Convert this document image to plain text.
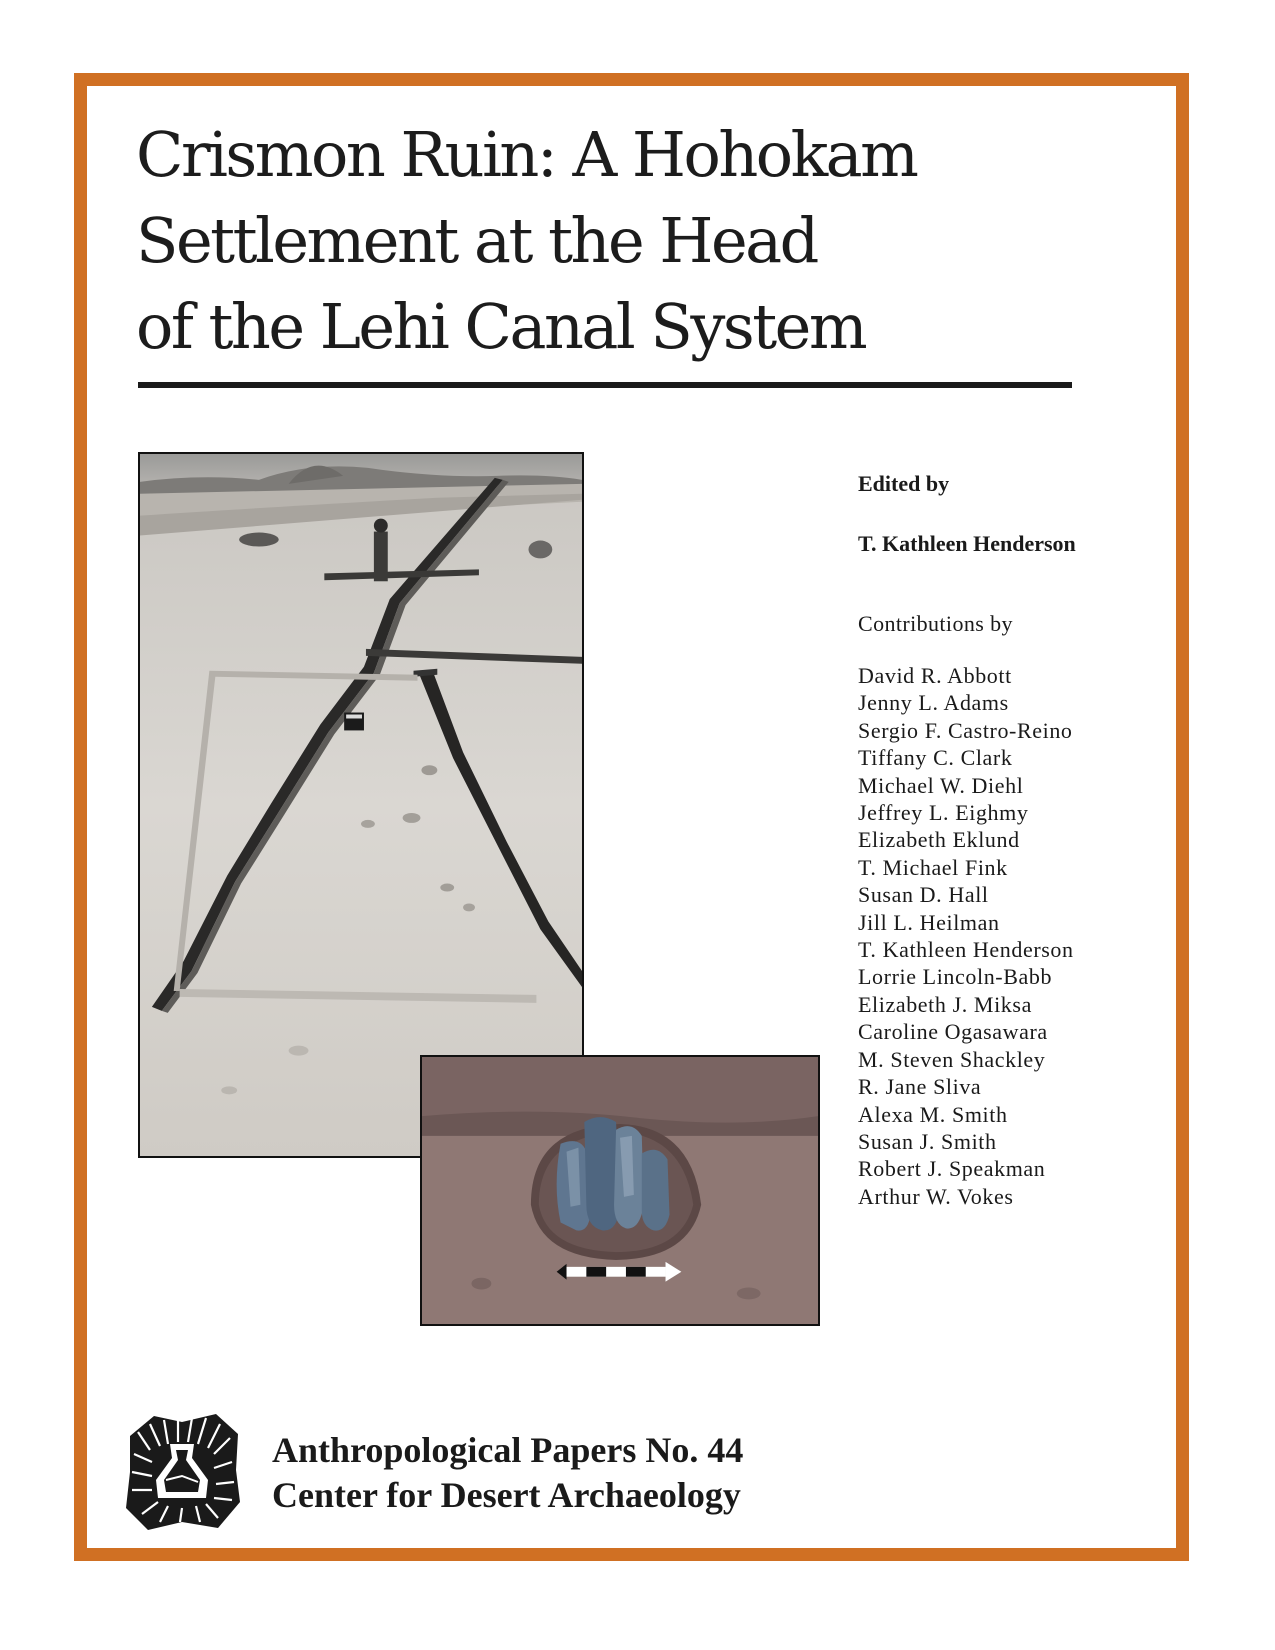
Crismon Ruin: A Hohokam
Settlement at the Head
of the Lehi Canal System

Edited by

T. Kathleen Henderson

Contributions by

David R. Abbott
Jenny L. Adams
Sergio F. Castro-Reino
Tiffany C. Clark
Michael W. Diehl
Jeffrey L. Eighmy
Elizabeth Eklund
T. Michael Fink
Susan D. Hall
Jill L. Heilman
T. Kathleen Henderson
Lorrie Lincoln-Babb
Elizabeth J. Miksa
Caroline Ogasawara
M. Steven Shackley
R. Jane Sliva
Alexa M. Smith
Susan J. Smith
Robert J. Speakman
Arthur W. Vokes
Anthropological Papers No. 44
Center for Desert Archaeology
